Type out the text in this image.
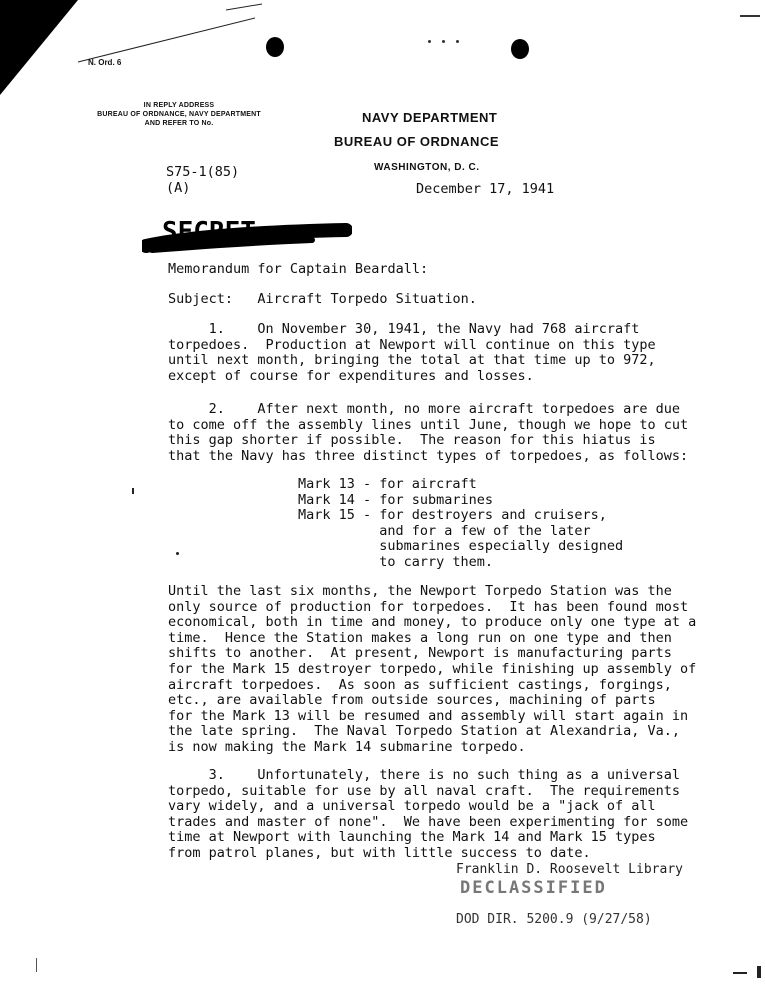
N. Ord. 6
IN REPLY ADDRESS
BUREAU OF ORDNANCE, NAVY DEPARTMENT
AND REFER TO No.	NAVY DEPARTMENT
BUREAU OF ORDNANCE
WASHINGTON, D. C.
S75-1(85)
(A)	December 17, 1941
SECRET
Memorandum for Captain Beardall:
Subject:   Aircraft Torpedo Situation.
1.    On November 30, 1941, the Navy had 768 aircraft
torpedoes.  Production at Newport will continue on this type
until next month, bringing the total at that time up to 972,
except of course for expenditures and losses.
2.    After next month, no more aircraft torpedoes are due
to come off the assembly lines until June, though we hope to cut
this gap shorter if possible.  The reason for this hiatus is
that the Navy has three distinct types of torpedoes, as follows:
Mark 13 - for aircraft
Mark 14 - for submarines
Mark 15 - for destroyers and cruisers,
and for a few of the later
submarines especially designed
to carry them.
Until the last six months, the Newport Torpedo Station was the
only source of production for torpedoes.  It has been found most
economical, both in time and money, to produce only one type at a
time.  Hence the Station makes a long run on one type and then
shifts to another.  At present, Newport is manufacturing parts
for the Mark 15 destroyer torpedo, while finishing up assembly of
aircraft torpedoes.  As soon as sufficient castings, forgings,
etc., are available from outside sources, machining of parts
for the Mark 13 will be resumed and assembly will start again in
the late spring.  The Naval Torpedo Station at Alexandria, Va.,
is now making the Mark 14 submarine torpedo.
3.    Unfortunately, there is no such thing as a universal
torpedo, suitable for use by all naval craft.  The requirements
vary widely, and a universal torpedo would be a "jack of all
trades and master of none".  We have been experimenting for some
time at Newport with launching the Mark 14 and Mark 15 types
from patrol planes, but with little success to date.
Franklin D. Roosevelt Library
DECLASSIFIED
DOD DIR. 5200.9 (9/27/58)
